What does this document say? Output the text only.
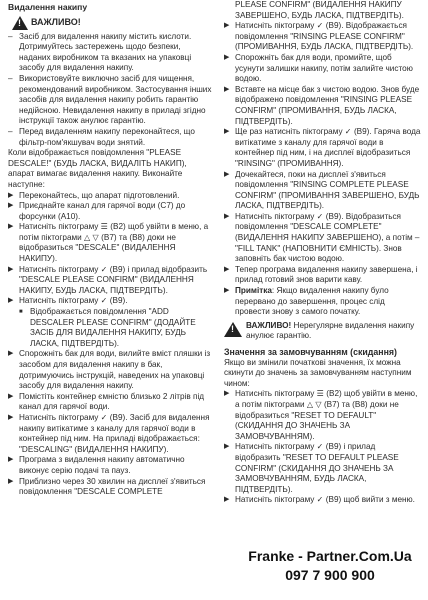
Видалення накипу

!
ВАЖЛИВО!

– Засіб для видалення накипу містить кислоти. Дотримуйтесь застережень щодо безпеки, наданих виробником та вказаних на упаковці засобу для видалення накипу.

– Використовуйте виключно засіб для чищення, рекомендований виробником. Застосування інших засобів для видалення накипу робить гарантію недійсною. Невидалення накипу в приладі згідно інструкції також анулює гарантію.

– Перед видаленням накипу переконайтеся, що фільтр-пом'якшувач води знятий.

Коли відображається повідомлення "PLEASE DESCALE!" (БУДЬ ЛАСКА, ВИДАЛІТЬ НАКИП), апарат вимагає видалення накипу. Виконайте наступне:

▶ Переконайтесь, що апарат підготовлений.

▶ Приєднайте канал для гарячої води (C7) до форсунки (A10).

▶ Натисніть піктограму ☰ (B2) щоб увійти в меню, а потім піктограми △ ▽ (B7) та (B8) доки не відобразиться "DESCALE" (ВИДАЛЕННЯ НАКИПУ).

▶ Натисніть піктограму ✓ (B9) і прилад відобразить "DESCALE PLEASE CONFIRM" (ВИДАЛЕННЯ НАКИПУ, БУДЬ ЛАСКА, ПІДТВЕРДІТЬ).

▶ Натисніть піктограму ✓ (B9).

■ Відображається повідомлення "ADD DESCALER PLEASE CONFIRM" (ДОДАЙТЕ ЗАСІБ ДЛЯ ВИДАЛЕННЯ НАКИПУ, БУДЬ ЛАСКА, ПІДТВЕРДІТЬ).

▶ Спорожніть бак для води, вилийте вміст пляшки із засобом для видалення накипу в бак, дотримуючись інструкцій, наведених на упаковці засобу для видалення накипу.

▶ Помістіть контейнер ємністю близько 2 літрів під канал для гарячої води.

▶ Натисніть піктограму ✓ (B9). Засіб для видалення накипу витікатиме з каналу для гарячої води в контейнер під ним. На приладі відображається: "DESCALING" (ВИДАЛЕННЯ НАКИПУ).

▶ Програма з видалення накипу автоматично виконує серію подачі та пауз.

▶ Приблизно через 30 хвилин на дисплеї з'явиться повідомлення "DESCALE COMPLETE

PLEASE CONFIRM" (ВИДАЛЕННЯ НАКИПУ ЗАВЕРШЕНО, БУДЬ ЛАСКА, ПІДТВЕРДІТЬ).

▶ Натисніть піктограму ✓ (B9). Відображається повідомлення "RINSING PLEASE CONFIRM" (ПРОМИВАННЯ, БУДЬ ЛАСКА, ПІДТВЕРДІТЬ).

▶ Спорожніть бак для води, промийте, щоб усунути залишки накипу, потім залийте чистою водою.

▶ Вставте на місце бак з чистою водою. Знов буде відображено повідомлення "RINSING PLEASE CONFIRM" (ПРОМИВАННЯ, БУДЬ ЛАСКА, ПІДТВЕРДІТЬ).

▶ Ще раз натисніть піктограму ✓ (B9). Гаряча вода витікатиме з каналу для гарячої води в контейнер під ним, і на дисплеї відобразиться "RINSING" (ПРОМИВАННЯ).

▶ Дочекайтеся, поки на дисплеї з'явиться повідомлення "RINSING COMPLETE PLEASE CONFIRM" (ПРОМИВАННЯ ЗАВЕРШЕНО, БУДЬ ЛАСКА, ПІДТВЕРДІТЬ).

▶ Натисніть піктограму ✓ (B9). Відобразиться повідомлення "DESCALE COMPLETE" (ВИДАЛЕННЯ НАКИПУ ЗАВЕРШЕНО), а потім – "FILL TANK" (НАПОВНИТИ ЄМНІСТЬ). Знов заповніть бак чистою водою.

▶ Тепер програма видалення накипу завершена, і прилад готовий знов варити каву.

▶ Примітка: Якщо видалення накипу було перервано до завершення, процес слід провести знову з самого початку.

!

ВАЖЛИВО! Нерегулярне видалення накипу анулює гарантію.

Значення за замовчуванням (скидання)

Якщо ви змінили початкові значення, їх можна скинути до значень за замовчуванням наступним чином:

▶ Натисніть піктограму ☰ (B2) щоб увійти в меню, а потім піктограми △ ▽ (B7) та (B8) доки не відобразиться "RESET TO DEFAULT" (СКИДАННЯ ДО ЗНАЧЕНЬ ЗА ЗАМОВЧУВАННЯМ).

▶ Натисніть піктограму ✓ (B9) і прилад відобразить "RESET TO DEFAULT PLEASE CONFIRM" (СКИДАННЯ ДО ЗНАЧЕНЬ ЗА ЗАМОВЧУВАННЯМ, БУДЬ ЛАСКА, ПІДТВЕРДІТЬ).

▶ Натисніть піктограму ✓ (B9) щоб вийти з меню.

Franke - Partner.Com.Ua
097 7 900 900
